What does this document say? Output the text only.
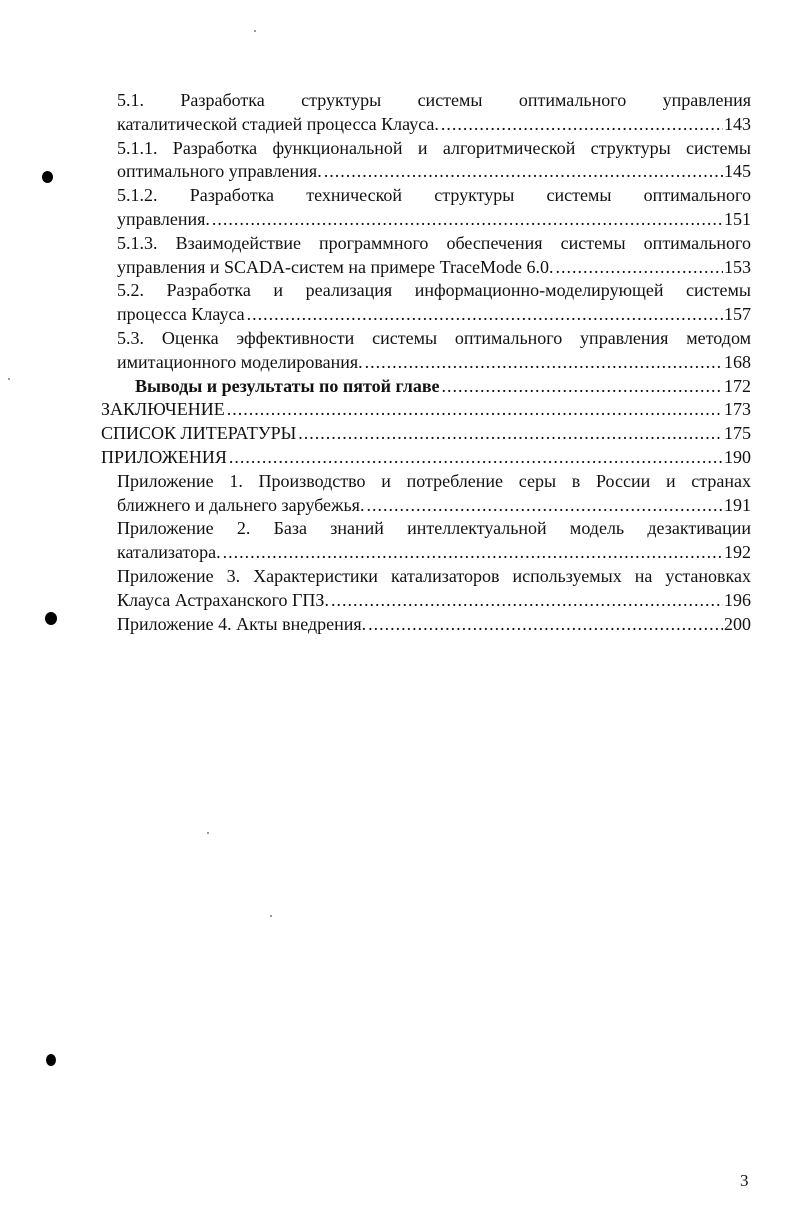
5.1. Разработка структуры системы оптимального управления
каталитической стадией процесса Клауса. .....	143
5.1.1. Разработка функциональной и алгоритмической структуры системы
оптимального управления. .....	145
5.1.2. Разработка технической структуры системы оптимального
управления. .....	151
5.1.3. Взаимодействие программного обеспечения системы оптимального
управления и SCADA-систем на примере TraceMode 6.0. .....	153
5.2. Разработка и реализация информационно-моделирующей системы
процесса Клауса .....	157
5.3. Оценка эффективности системы оптимального управления методом
имитационного моделирования. .....	168
Выводы и результаты по пятой главе .....	172
ЗАКЛЮЧЕНИЕ .....	173
СПИСОК ЛИТЕРАТУРЫ .....	175
ПРИЛОЖЕНИЯ .....	190
Приложение 1. Производство и потребление серы в России и странах
ближнего и дальнего зарубежья. .....	191
Приложение 2. База знаний интеллектуальной модель дезактивации
катализатора. .....	192
Приложение 3. Характеристики катализаторов используемых на установках
Клауса Астраханского ГПЗ. .....	196
Приложение 4. Акты внедрения. .....	200
3
